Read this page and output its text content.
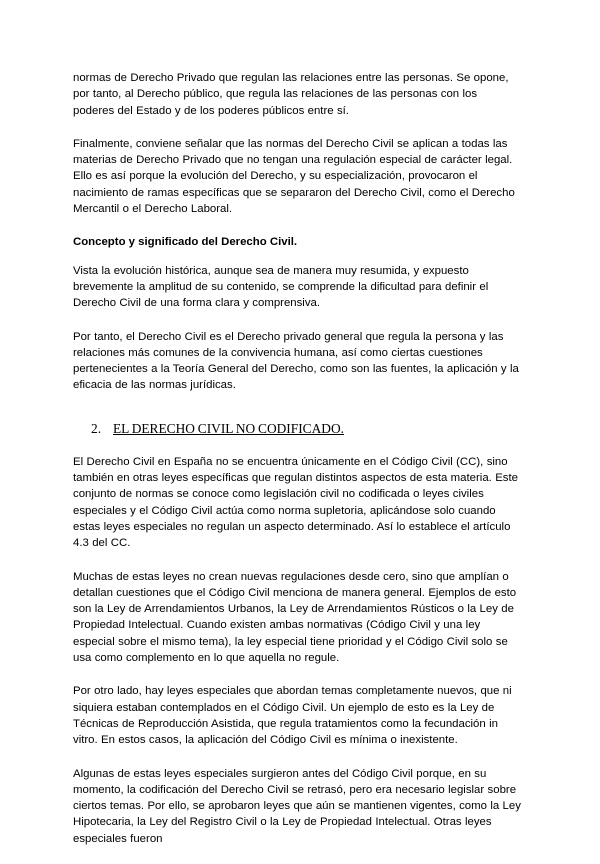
normas de Derecho Privado que regulan las relaciones entre las personas. Se opone, por tanto, al Derecho público, que regula las relaciones de las personas con los poderes del Estado y de los poderes públicos entre sí.

Finalmente, conviene señalar que las normas del Derecho Civil se aplican a todas las materias de Derecho Privado que no tengan una regulación especial de carácter legal. Ello es así porque la evolución del Derecho, y su especialización, provocaron el nacimiento de ramas específicas que se separaron del Derecho Civil, como el Derecho Mercantil o el Derecho Laboral.

Concepto y significado del Derecho Civil.

Vista la evolución histórica, aunque sea de manera muy resumida, y expuesto brevemente la amplitud de su contenido, se comprende la dificultad para definir el Derecho Civil de una forma clara y comprensiva.

Por tanto, el Derecho Civil es el Derecho privado general que regula la persona y las relaciones más comunes de la convivencia humana, así como ciertas cuestiones pertenecientes a la Teoría General del Derecho, como son las fuentes, la aplicación y la eficacia de las normas jurídicas.

2. EL DERECHO CIVIL NO CODIFICADO.

El Derecho Civil en España no se encuentra únicamente en el Código Civil (CC), sino también en otras leyes específicas que regulan distintos aspectos de esta materia. Este conjunto de normas se conoce como legislación civil no codificada o leyes civiles especiales y el Código Civil actúa como norma supletoria, aplicándose solo cuando estas leyes especiales no regulan un aspecto determinado. Así lo establece el artículo 4.3 del CC.

Muchas de estas leyes no crean nuevas regulaciones desde cero, sino que amplían o detallan cuestiones que el Código Civil menciona de manera general. Ejemplos de esto son la Ley de Arrendamientos Urbanos, la Ley de Arrendamientos Rústicos o la Ley de Propiedad Intelectual. Cuando existen ambas normativas (Código Civil y una ley especial sobre el mismo tema), la ley especial tiene prioridad y el Código Civil solo se usa como complemento en lo que aquella no regule.

Por otro lado, hay leyes especiales que abordan temas completamente nuevos, que ni siquiera estaban contemplados en el Código Civil. Un ejemplo de esto es la Ley de Técnicas de Reproducción Asistida, que regula tratamientos como la fecundación in vitro. En estos casos, la aplicación del Código Civil es mínima o inexistente.

Algunas de estas leyes especiales surgieron antes del Código Civil porque, en su momento, la codificación del Derecho Civil se retrasó, pero era necesario legislar sobre ciertos temas. Por ello, se aprobaron leyes que aún se mantienen vigentes, como la Ley Hipotecaria, la Ley del Registro Civil o la Ley de Propiedad Intelectual. Otras leyes especiales fueron
